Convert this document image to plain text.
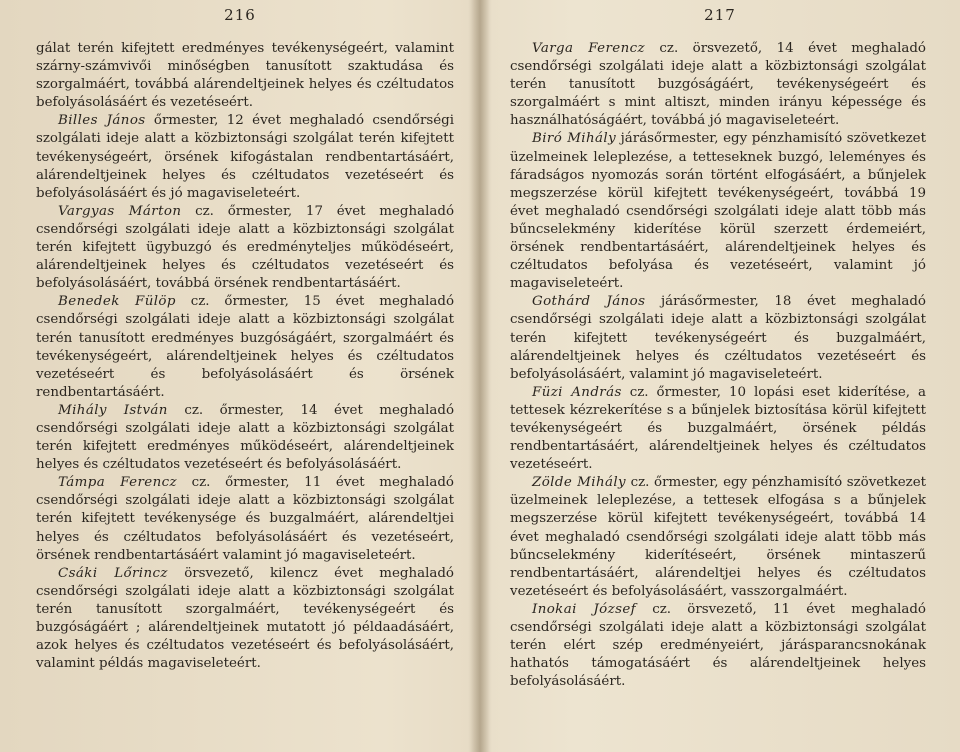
216

gálat terén kifejtett eredményes tevékenységeért, valamint szárny-számvivői minőségben tanusított szaktudása és szorgalmáért, továbbá alárendeltjeinek helyes és czéltudatos befolyásolásáért és vezetéseért.

Billes János őrmester, 12 évet meghaladó csendőrségi szolgálati ideje alatt a közbiztonsági szolgálat terén kifejtett tevékenységeért, örsének kifogástalan rendbentartásáért, alárendeltjeinek helyes és czéltudatos vezetéseért és befolyásolásáért és jó magaviseleteért.

Vargyas Márton cz. őrmester, 17 évet meghaladó csendőrségi szolgálati ideje alatt a közbiztonsági szolgálat terén kifejtett ügybuzgó és eredményteljes működéseért, alárendeltjeinek helyes és czéltudatos vezetéseért és befolyásolásáért, továbbá örsének rendbentartásáért.

Benedek Fülöp cz. őrmester, 15 évet meghaladó csendőrségi szolgálati ideje alatt a közbiztonsági szolgálat terén tanusított eredményes buzgóságáért, szorgalmáért és tevékenységeért, alárendeltjeinek helyes és czéltudatos vezetéseért és befolyásolásáért és örsének rendbentartásáért.

Mihály István cz. őrmester, 14 évet meghaladó csendőrségi szolgálati ideje alatt a közbiztonsági szolgálat terén kifejtett eredményes működéseért, alárendeltjeinek helyes és czéltudatos vezetéseért és befolyásolásáért.

Támpa Ferencz cz. őrmester, 11 évet meghaladó csendőrségi szolgálati ideje alatt a közbiztonsági szolgálat terén kifejtett tevékenysége és buzgalmáért, alárendeltjei helyes és czéltudatos befolyásolásáért és vezetéseért, örsének rendbentartásáért valamint jó magaviseleteért.

Csáki Lőrincz örsvezető, kilencz évet meghaladó csendőrségi szolgálati ideje alatt a közbiztonsági szolgálat terén tanusított szorgalmáért, tevékenységeért és buzgóságáért ; alárendeltjeinek mutatott jó példaadásáért, azok helyes és czéltudatos vezetéseért és befolyásolásáért, valamint példás magaviseleteért.

217

Varga Ferencz cz. örsvezető, 14 évet meghaladó csendőrségi szolgálati ideje alatt a közbiztonsági szolgálat terén tanusított buzgóságáért, tevékenységeért és szorgalmáért s mint altiszt, minden irányu képessége és használhatóságáért, továbbá jó magaviseleteért.

Biró Mihály járásőrmester, egy pénzhamisító szövetkezet üzelmeinek leleplezése, a tetteseknek buzgó, leleményes és fáradságos nyomozás során történt elfogásáért, a bűnjelek megszerzése körül kifejtett tevékenységeért, továbbá 19 évet meghaladó csendőrségi szolgálati ideje alatt több más bűncselekmény kiderítése körül szerzett érdemeiért, örsének rendbentartásáért, alárendeltjeinek helyes és czéltudatos befolyása és vezetéseért, valamint jó magaviseleteért.

Gothárd János járásőrmester, 18 évet meghaladó csendőrségi szolgálati ideje alatt a közbiztonsági szolgálat terén kifejtett tevékenységeért és buzgalmáért, alárendeltjeinek helyes és czéltudatos vezetéseért és befolyásolásáért, valamint jó magaviseleteért.

Füzi András cz. őrmester, 10 lopási eset kiderítése, a tettesek kézrekerítése s a bűnjelek biztosítása körül kifejtett tevékenységeért és buzgalmáért, örsének példás rendbentartásáért, alárendeltjeinek helyes és czéltudatos vezetéseért.

Zölde Mihály cz. őrmester, egy pénzhamisító szövetkezet üzelmeinek leleplezése, a tettesek elfogása s a bűnjelek megszerzése körül kifejtett tevékenységeért, továbbá 14 évet meghaladó csendőrségi szolgálati ideje alatt több más bűncselekmény kiderítéseért, örsének mintaszerű rendbentartásáért, alárendeltjei helyes és czéltudatos vezetéseért és befolyásolásáért, vasszorgalmáért.

Inokai József cz. örsvezető, 11 évet meghaladó csendőrségi szolgálati ideje alatt a közbiztonsági szolgálat terén elért szép eredményeiért, járásparancsnokának hathatós támogatásáért és alárendeltjeinek helyes befolyásolásáért.
